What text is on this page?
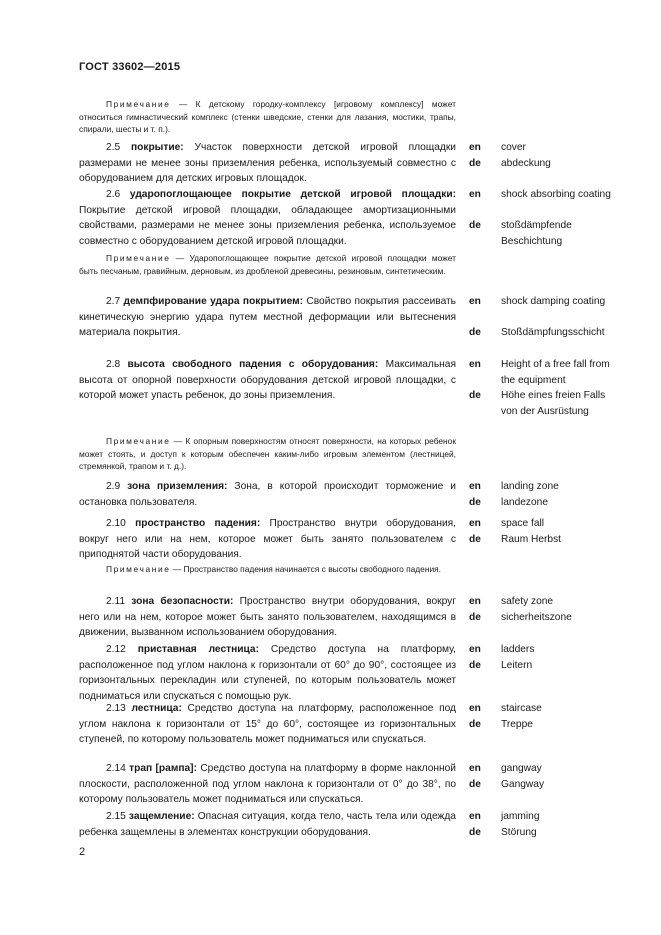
ГОСТ 33602—2015
Примечание — К детскому городку-комплексу [игровому комплексу] может относиться гимнастический комплекс (стенки шведские, стенки для лазания, мостики, трапы, спирали, шесты и т. п.).
2.5 покрытие: Участок поверхности детской игровой площадки размерами не менее зоны приземления ребенка, используемый совместно с оборудованием для детских игровых площадок.
en cover
de abdeckung
2.6 ударопоглощающее покрытие детской игровой площадки: Покрытие детской игровой площадки, обладающее амортизационными свойствами, размерами не менее зоны приземления ребенка, используемое совместно с оборудованием детской игровой площадки.
en shock absorbing coating
de stoßdämpfende Beschichtung
Примечание — Ударопоглощающее покрытие детской игровой площадки может быть песчаным, гравийным, дерновым, из дробленой древесины, резиновым, синтетическим.
2.7 демпфирование удара покрытием: Свойство покрытия рассеивать кинетическую энергию удара путем местной деформации или вытеснения материала покрытия.
en shock damping coating
de Stoßdämpfungsschicht
2.8 высота свободного падения с оборудования: Максимальная высота от опорной поверхности оборудования детской игровой площадки, с которой может упасть ребенок, до зоны приземления.
en Height of a free fall from the equipment
de Höhe eines freien Falls von der Ausrüstung
Примечание — К опорным поверхностям относят поверхности, на которых ребенок может стоять, и доступ к которым обеспечен каким-либо игровым элементом (лестницей, стремянкой, трапом и т. д.).
2.9 зона приземления: Зона, в которой происходит торможение и остановка пользователя.
en landing zone
de landezone
2.10 пространство падения: Пространство внутри оборудования, вокруг него или на нем, которое может быть занято пользователем с приподнятой части оборудования.
en space fall
de Raum Herbst
Примечание — Пространство падения начинается с высоты свободного падения.
2.11 зона безопасности: Пространство внутри оборудования, вокруг него или на нем, которое может быть занято пользователем, находящимся в движении, вызванном использованием оборудования.
en safety zone
de sicherheitszone
2.12 приставная лестница: Средство доступа на платформу, расположенное под углом наклона к горизонтали от 60° до 90°, состоящее из горизонтальных перекладин или ступеней, по которым пользователь может подниматься или спускаться с помощью рук.
en ladders
de Leitern
2.13 лестница: Средство доступа на платформу, расположенное под углом наклона к горизонтали от 15° до 60°, состоящее из горизонтальных ступеней, по которому пользователь может подниматься или спускаться.
en staircase
de Treppe
2.14 трап [рампа]: Средство доступа на платформу в форме наклонной плоскости, расположенной под углом наклона к горизонтали от 0° до 38°, по которому пользователь может подниматься или спускаться.
en gangway
de Gangway
2.15 защемление: Опасная ситуация, когда тело, часть тела или одежда ребенка защемлены в элементах конструкции оборудования.
en jamming
de Störung
2
